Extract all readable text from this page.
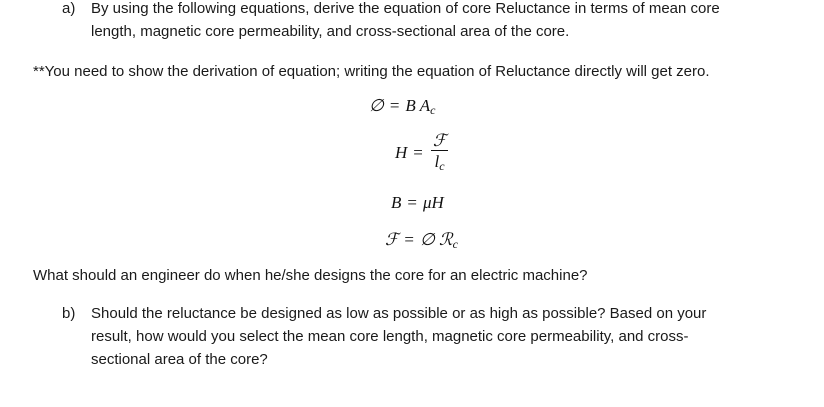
a) By using the following equations, derive the equation of core Reluctance in terms of mean core
length, magnetic core permeability, and cross-sectional area of the core.
**You need to show the derivation of equation; writing the equation of Reluctance directly will get zero.
∅ = B $A_c$
$H = \frac{\text{ℱ}}{l_c}$
B = μH
ℱ = ∅ ℛ$_c$
What should an engineer do when he/she designs the core for an electric machine?
b) Should the reluctance be designed as low as possible or as high as possible? Based on your
result, how would you select the mean core length, magnetic core permeability, and cross-
sectional area of the core?
